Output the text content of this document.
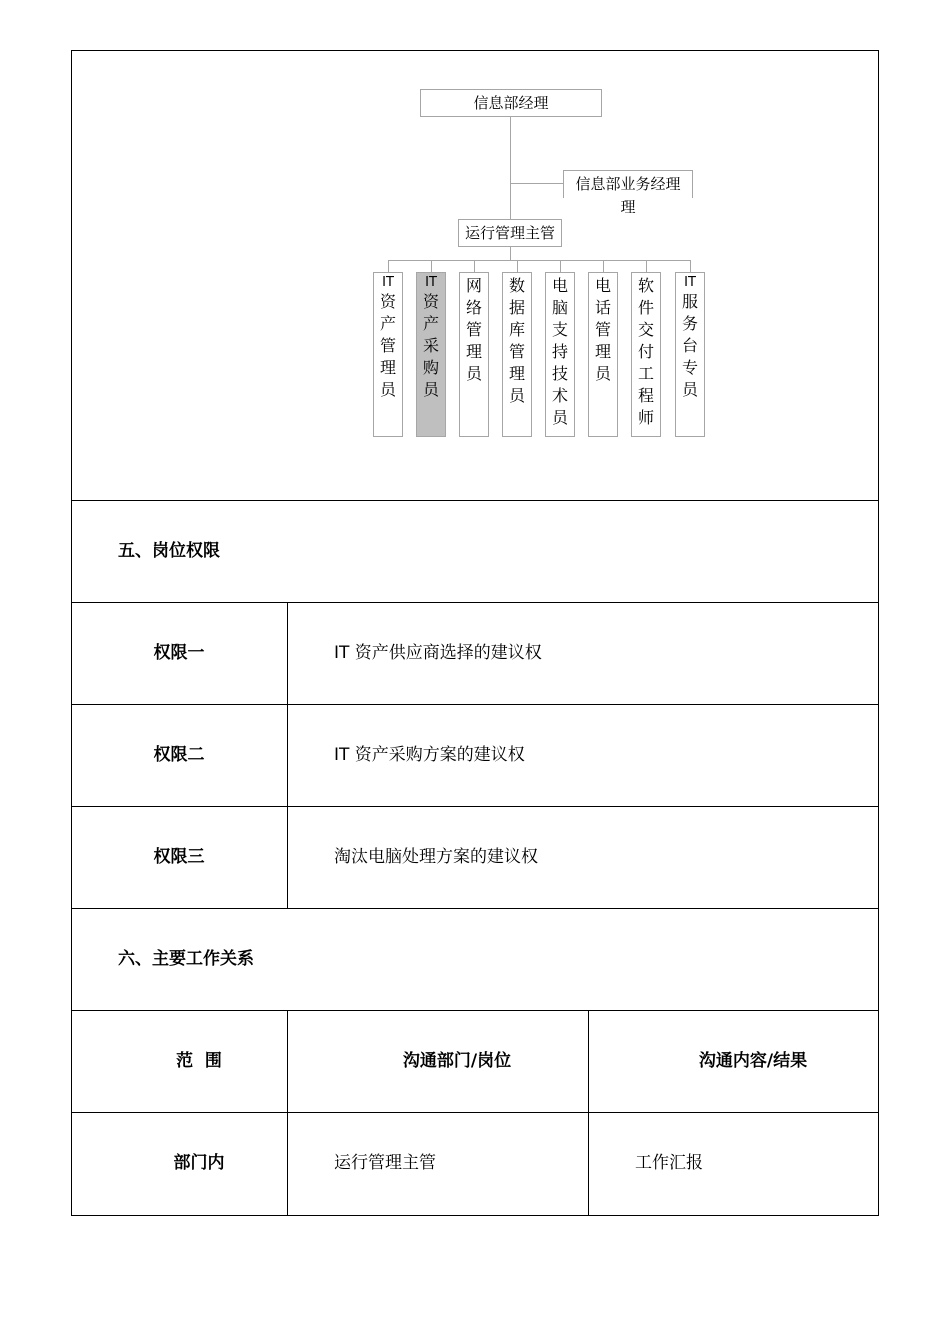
信息部经理
信息部业务经理
理
运行管理主管
IT
资
产
管
理
员
IT
资
产
采
购
员
网
络
管
理
员
数
据
库
管
理
员
电
脑
支
持
技
术
员
电
话
管
理
员
软
件
交
付
工
程
师
IT
服
务
台
专
员
五、岗位权限
权限一	IT 资产供应商选择的建议权
权限二	IT 资产采购方案的建议权
权限三	淘汰电脑处理方案的建议权
六、主要工作关系
范  围	沟通部门/岗位	沟通内容/结果
部门内	运行管理主管	工作汇报
